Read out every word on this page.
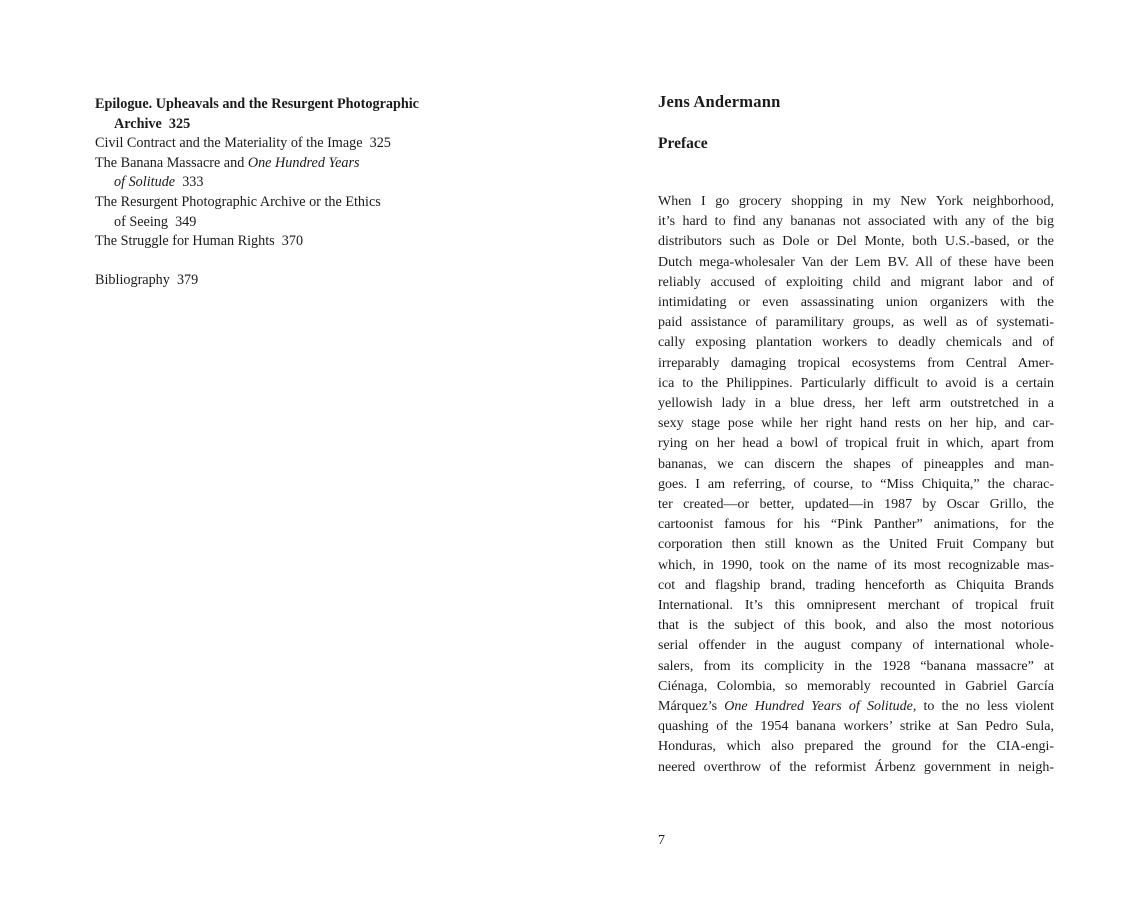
Epilogue. Upheavals and the Resurgent Photographic
Archive  325
Civil Contract and the Materiality of the Image  325
The Banana Massacre and One Hundred Years
of Solitude  333
The Resurgent Photographic Archive or the Ethics
of Seeing  349
The Struggle for Human Rights  370
Bibliography  379
Jens Andermann
Preface
When I go grocery shopping in my New York neighborhood,
it’s hard to find any bananas not associated with any of the big
distributors such as Dole or Del Monte, both U.S.-based, or the
Dutch mega-wholesaler Van der Lem BV. All of these have been
reliably accused of exploiting child and migrant labor and of
intimidating or even assassinating union organizers with the
paid assistance of paramilitary groups, as well as of systemati-
cally exposing plantation workers to deadly chemicals and of
irreparably damaging tropical ecosystems from Central Amer-
ica to the Philippines. Particularly difficult to avoid is a certain
yellowish lady in a blue dress, her left arm outstretched in a
sexy stage pose while her right hand rests on her hip, and car-
rying on her head a bowl of tropical fruit in which, apart from
bananas, we can discern the shapes of pineapples and man-
goes. I am referring, of course, to “Miss Chiquita,” the charac-
ter created—or better, updated—in 1987 by Oscar Grillo, the
cartoonist famous for his “Pink Panther” animations, for the
corporation then still known as the United Fruit Company but
which, in 1990, took on the name of its most recognizable mas-
cot and flagship brand, trading henceforth as Chiquita Brands
International. It’s this omnipresent merchant of tropical fruit
that is the subject of this book, and also the most notorious
serial offender in the august company of international whole-
salers, from its complicity in the 1928 “banana massacre” at
Ciénaga, Colombia, so memorably recounted in Gabriel García
Márquez’s One Hundred Years of Solitude, to the no less violent
quashing of the 1954 banana workers’ strike at San Pedro Sula,
Honduras, which also prepared the ground for the CIA-engi-
neered overthrow of the reformist Árbenz government in neigh-
7
